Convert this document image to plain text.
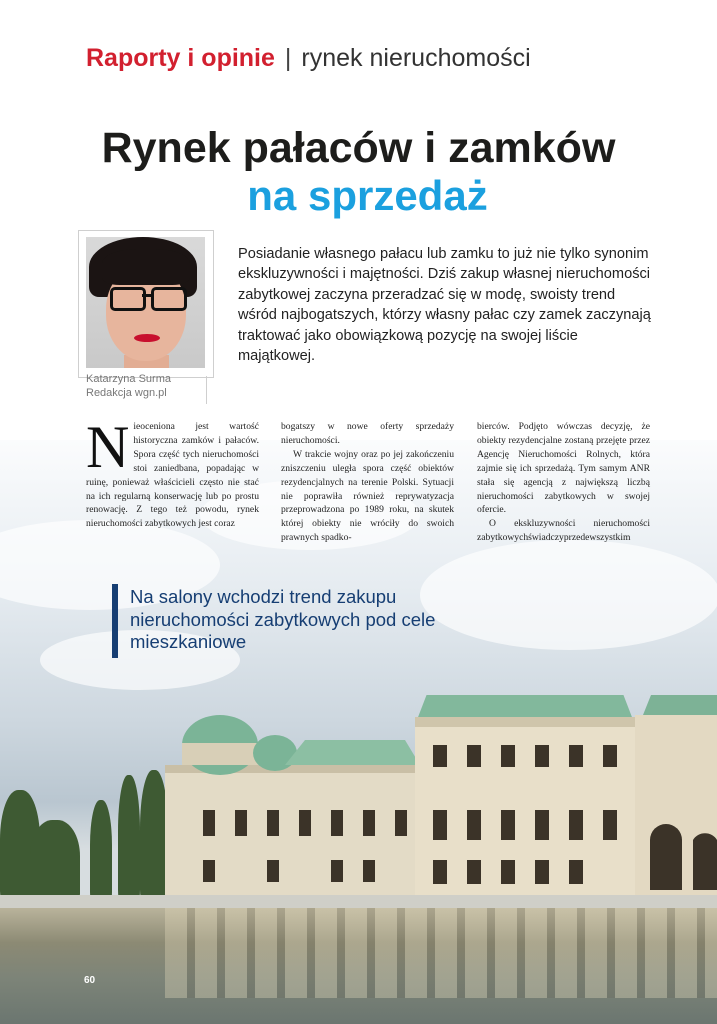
Raporty i opinie | rynek nieruchomości
Rynek pałaców i zamków
na sprzedaż
Katarzyna Surma
Redakcja wgn.pl
Posiadanie własnego pałacu lub zamku to już nie tylko synonim ekskluzywności i majętności. Dziś zakup własnej nieruchomości zabytkowej zaczyna przeradzać się w modę, swoisty trend wśród najbogatszych, którzy własny pałac czy zamek zaczynają traktować jako obowiązkową pozycję na swojej liście majątkowej.
N ieoceniona jest wartość historyczna zamków i pałaców. Spora część tych nieruchomości stoi zaniedbana, popadając w ruinę, ponieważ właścicieli często nie stać na ich regularną konserwację lub po prostu renowację. Z tego też powodu, rynek nieruchomości zabytkowych jest coraz

bogatszy w nowe oferty sprzedaży nieruchomości.

W trakcie wojny oraz po jej zakończeniu zniszczeniu uległa spora część obiektów rezydencjalnych na terenie Polski. Sytuacji nie poprawiła również reprywatyzacja przeprowadzona po 1989 roku, na skutek której obiekty nie wróciły do swoich prawnych spadko-

bierców. Podjęto wówczas decyzję, że obiekty rezydencjalne zostaną przejęte przez Agencję Nieruchomości Rolnych, która zajmie się ich sprzedażą. Tym samym ANR stała się agencją z największą liczbą nieruchomości zabytkowych w swojej ofercie.

O ekskluzywności nieruchomości zabytkowychświadczyprzedewszystkim

Na salony wchodzi trend zakupu nieruchomości zabytkowych pod cele mieszkaniowe
60
